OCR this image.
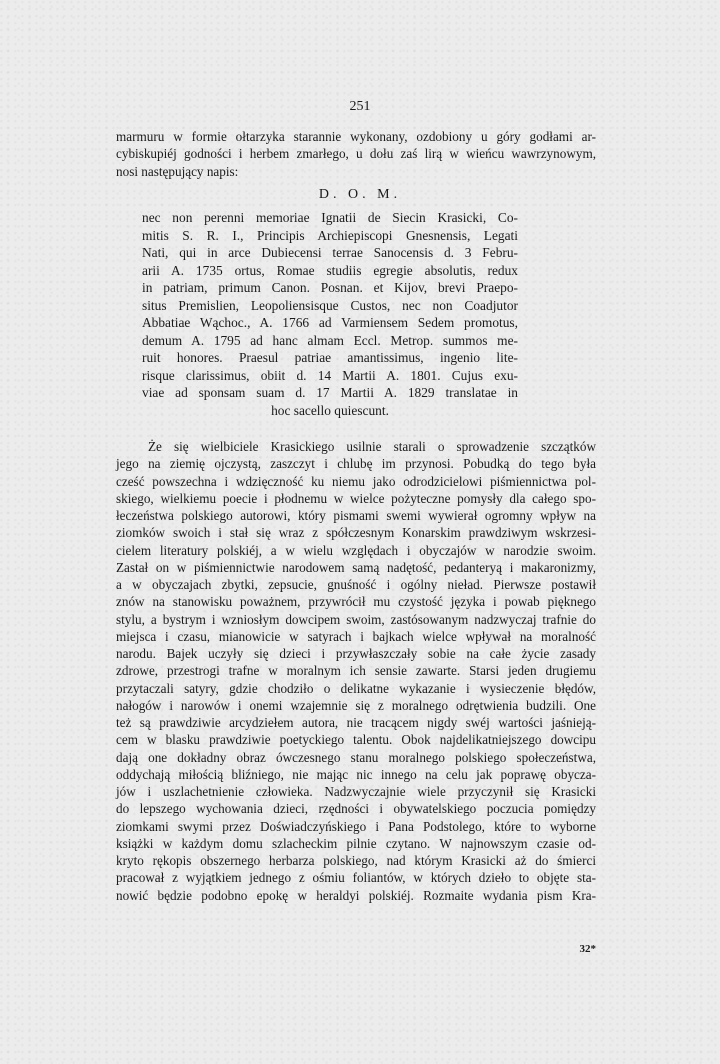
251
marmuru w formie ołtarzyka starannie wykonany, ozdobiony u góry godłami ar-
cybiskupiéj godności i herbem zmarłego, u dołu zaś lirą w wieńcu wawrzynowym,
nosi następujący napis:
D. O. M.
nec non perenni memoriae Ignatii de Siecin Krasicki, Co-
mitis S. R. I., Principis Archiepiscopi Gnesnensis, Legati
Nati, qui in arce Dubiecensi terrae Sanocensis d. 3 Febru-
arii A. 1735 ortus, Romae studiis egregie absolutis, redux
in patriam, primum Canon. Posnan. et Kijov, brevi Praepo-
situs Premislien, Leopoliensisque Custos, nec non Coadjutor
Abbatiae Wąchoc., A. 1766 ad Varmiensem Sedem promotus,
demum A. 1795 ad hanc almam Eccl. Metrop. summos me-
ruit honores. Praesul patriae amantissimus, ingenio lite-
risque clarissimus, obiit d. 14 Martii A. 1801. Cujus exu-
viae ad sponsam suam d. 17 Martii A. 1829 translatae in
hoc sacello quiescunt.
Że się wielbiciele Krasickiego usilnie starali o sprowadzenie szczątków
jego na ziemię ojczystą, zaszczyt i chlubę im przynosi. Pobudką do tego była
cześć powszechna i wdzięczność ku niemu jako odrodzicielowi piśmiennictwa pol-
skiego, wielkiemu poecie i płodnemu w wielce pożyteczne pomysły dla całego spo-
łeczeństwa polskiego autorowi, który pismami swemi wywierał ogromny wpływ na
ziomków swoich i stał się wraz z spółczesnym Konarskim prawdziwym wskrzesi-
cielem literatury polskiéj, a w wielu względach i obyczajów w narodzie swoim.
Zastał on w piśmiennictwie narodowem samą nadętość, pedanteryą i makaronizmy,
a w obyczajach zbytki, zepsucie, gnuśność i ogólny nieład. Pierwsze postawił
znów na stanowisku poważnem, przywrócił mu czystość języka i powab pięknego
stylu, a bystrym i wzniosłym dowcipem swoim, zastósowanym nadzwyczaj trafnie do
miejsca i czasu, mianowicie w satyrach i bajkach wielce wpływał na moralność
narodu. Bajek uczyły się dzieci i przywłaszczały sobie na całe życie zasady
zdrowe, przestrogi trafne w moralnym ich sensie zawarte. Starsi jeden drugiemu
przytaczali satyry, gdzie chodziło o delikatne wykazanie i wysieczenie błędów,
nałogów i narowów i onemi wzajemnie się z moralnego odrętwienia budzili. One
też są prawdziwie arcydziełem autora, nie tracącem nigdy swéj wartości jaśnieją-
cem w blasku prawdziwie poetyckiego talentu. Obok najdelikatniejszego dowcipu
dają one dokładny obraz ówczesnego stanu moralnego polskiego społeczeństwa,
oddychają miłością bliźniego, nie mając nic innego na celu jak poprawę obycza-
jów i uszlachetnienie człowieka. Nadzwyczajnie wiele przyczynił się Krasicki
do lepszego wychowania dzieci, rzędności i obywatelskiego poczucia pomiędzy
ziomkami swymi przez Doświadczyńskiego i Pana Podstolego, które to wyborne
książki w każdym domu szlacheckim pilnie czytano. W najnowszym czasie od-
kryto rękopis obszernego herbarza polskiego, nad którym Krasicki aż do śmierci
pracował z wyjątkiem jednego z ośmiu foliantów, w których dzieło to objęte sta-
nowić będzie podobno epokę w heraldyi polskiéj. Rozmaite wydania pism Kra-
32*
